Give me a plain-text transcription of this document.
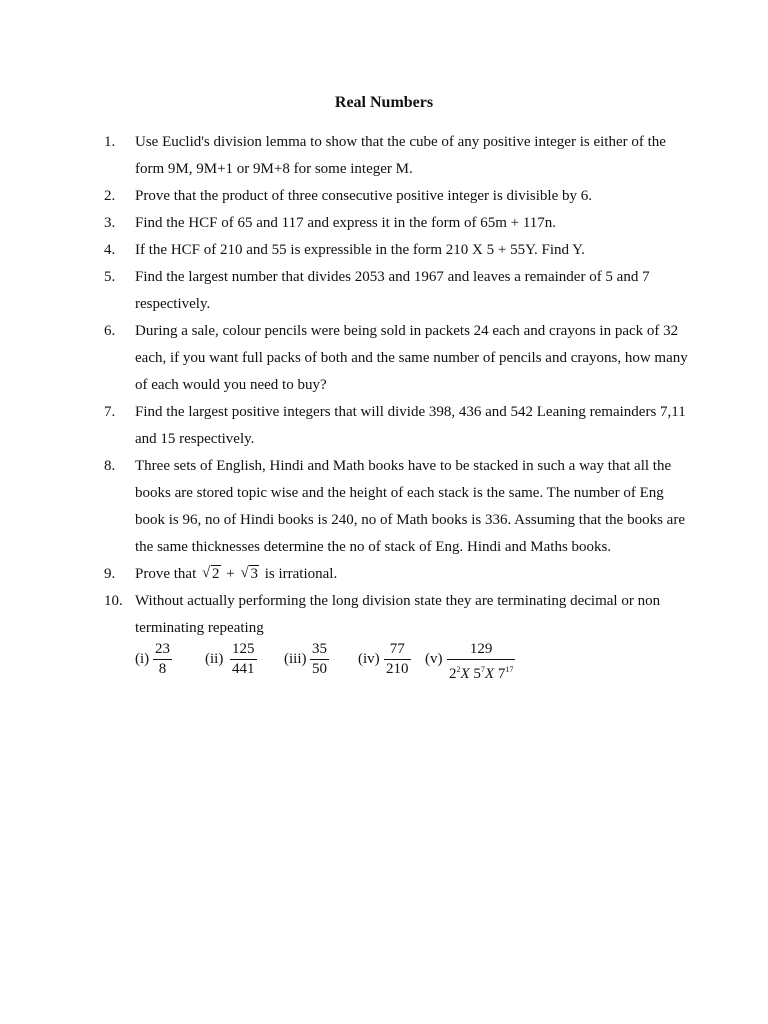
Real Numbers
1.	Use Euclid's division lemma to show that the cube of any positive integer is either of the form 9M, 9M+1 or 9M+8 for some integer M.
2.	Prove that the product of three consecutive positive integer is divisible by 6.
3.	Find the HCF of 65 and 117 and express it in the form of 65m + 117n.
4.	If the HCF of 210 and 55 is expressible in the form 210 X 5 + 55Y. Find Y.
5.	Find the largest number that divides 2053 and 1967 and leaves a remainder of 5 and 7 respectively.
6.	During a sale, colour pencils were being sold in packets 24 each and crayons in pack of 32 each, if you want full packs of both and the same number of pencils and crayons, how many of each would you need to buy?
7.	Find the largest positive integers that will divide 398, 436 and 542 Leaning remainders 7,11 and 15 respectively.
8.	Three sets of English, Hindi and Math books have to be stacked in such a way that all the books are stored topic wise and the height of each stack is the same. The number of Eng book is 96, no of Hindi books is 240, no of Math books is 336. Assuming that the books are the same thicknesses determine the no of stack of Eng. Hindi and Maths books.
9.	Prove that √ 2 + √ 3 is irrational.
10. Without actually performing the long division state they are terminating decimal or non terminating repeating
$(i) \frac{23}{8} (ii) \frac{125}{441} (iii) \frac{35}{50} (iv) \frac{77}{210} (v) \frac{129}{2^2X 5^7X 7^{17}}$
